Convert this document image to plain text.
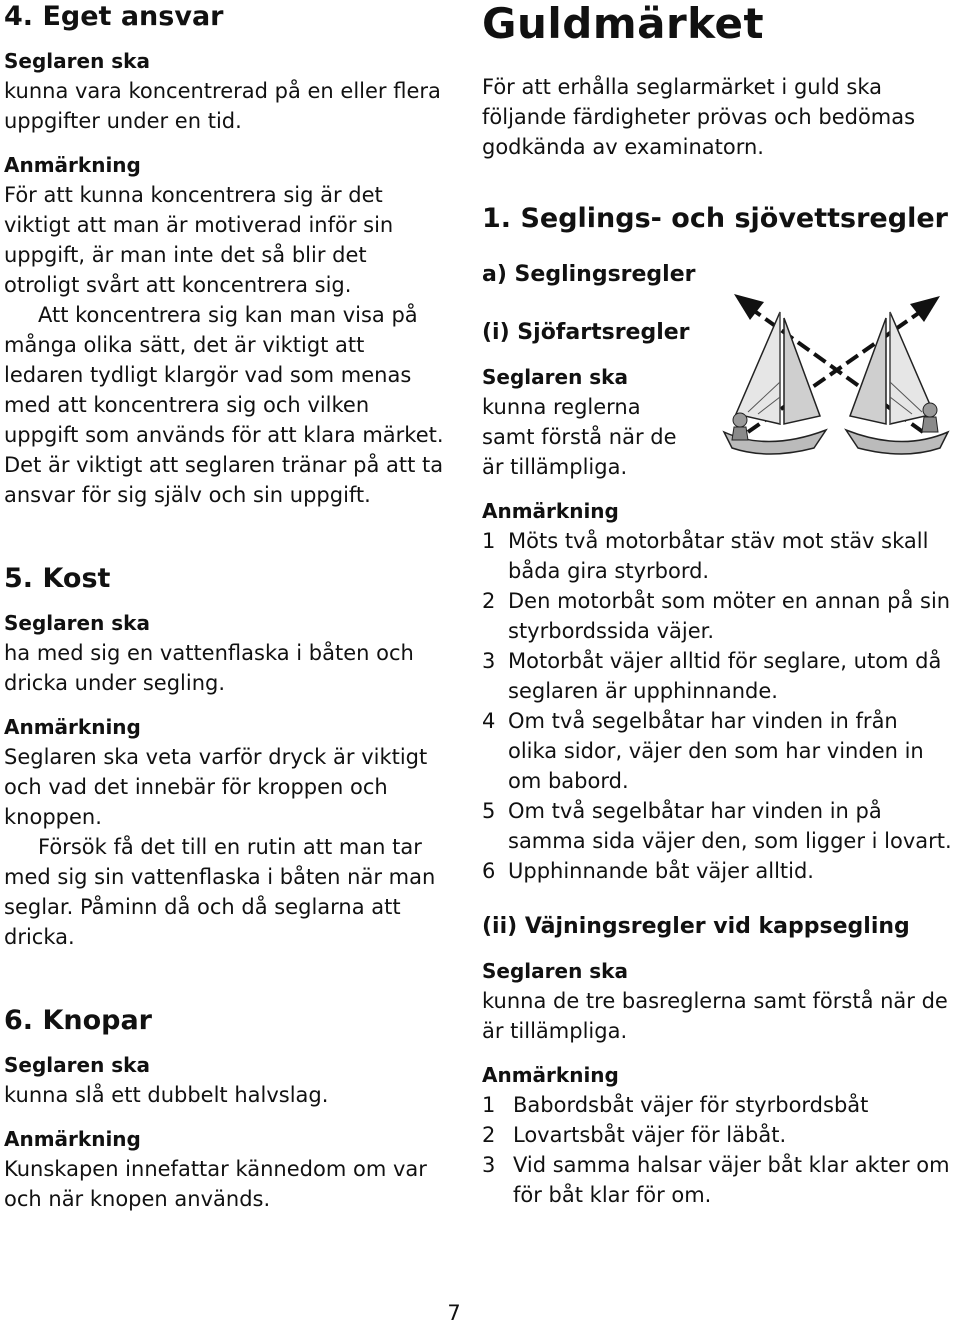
4. Eget ansvar

Seglaren ska

kunna vara koncentrerad på en eller flera uppgifter under en tid.

Anmärkning

För att kunna koncentrera sig är det viktigt att man är motiverad inför sin uppgift, är man inte det så blir det otroligt svårt att koncentrera sig.

Att koncentrera sig kan man visa på många olika sätt, det är viktigt att ledaren tydligt klargör vad som menas med att koncentrera sig och vilken uppgift som används för att klara märket. Det är viktigt att seglaren tränar på att ta ansvar för sig själv och sin uppgift.

5. Kost

Seglaren ska

ha med sig en vattenflaska i båten och dricka under segling.

Anmärkning

Seglaren ska veta varför dryck är viktigt och vad det innebär för kroppen och knoppen.

Försök få det till en rutin att man tar med sig sin vattenflaska i båten när man seglar. Påminn då och då seglarna att dricka.

6. Knopar

Seglaren ska

kunna slå ett dubbelt halvslag.

Anmärkning

Kunskapen innefattar kännedom om var och när knopen används.

Guldmärket

För att erhålla seglarmärket i guld ska följande färdigheter prövas och bedömas godkända av examinatorn.

1. Seglings- och sjövettsregler
a) Seglingsregler
(i) Sjöfartsregler

Seglaren ska

kunna reglerna samt förstå när de är tillämpliga.

Anmärkning

1 Möts två motorbåtar stäv mot stäv skall båda gira styrbord.
2 Den motorbåt som möter en annan på sin styrbordssida väjer.
3 Motorbåt väjer alltid för seglare, utom då seglaren är upphinnande.
4 Om två segelbåtar har vinden in från olika sidor, väjer den som har vinden in om babord.
5 Om två segelbåtar har vinden in på samma sida väjer den, som ligger i lovart.
6 Upphinnande båt väjer alltid.
(ii) Väjningsregler vid kappsegling

Seglaren ska

kunna de tre basreglerna samt förstå när de är tillämpliga.

Anmärkning

1 Babordsbåt väjer för styrbordsbåt
2 Lovartsbåt väjer för läbåt.
3 Vid samma halsar väjer båt klar akter om för båt klar för om.
7
